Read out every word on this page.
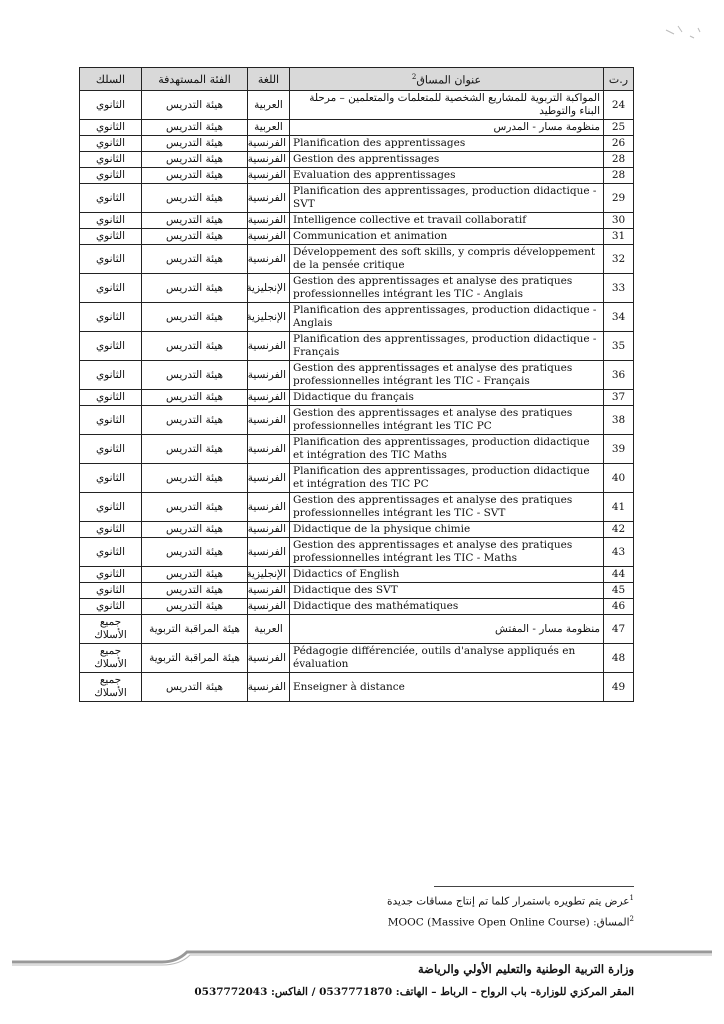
السلك	الفئة المستهدفة	اللغة	عنوان المساق$^2$	ر.ت
الثانوي	هيئة التدريس	العربية	المواكبة التربوية للمشاريع الشخصية للمتعلمات والمتعلمين – مرحلة البناء والتوطيد	24
الثانوي	هيئة التدريس	العربية	منظومة مسار - المدرس	25
الثانوي	هيئة التدريس	الفرنسية	Planification des apprentissages	26
الثانوي	هيئة التدريس	الفرنسية	Gestion des apprentissages	28
الثانوي	هيئة التدريس	الفرنسية	Evaluation des apprentissages	28
الثانوي	هيئة التدريس	الفرنسية	Planification des apprentissages, production didactique - SVT	29
الثانوي	هيئة التدريس	الفرنسية	Intelligence collective et travail collaboratif	30
الثانوي	هيئة التدريس	الفرنسية	Communication et animation	31
الثانوي	هيئة التدريس	الفرنسية	Développement des soft skills, y compris développement de la pensée critique	32
الثانوي	هيئة التدريس	الإنجليزية	Gestion des apprentissages et analyse des pratiques professionnelles intégrant les TIC - Anglais	33
الثانوي	هيئة التدريس	الإنجليزية	Planification des apprentissages, production didactique - Anglais	34
الثانوي	هيئة التدريس	الفرنسية	Planification des apprentissages, production didactique - Français	35
الثانوي	هيئة التدريس	الفرنسية	Gestion des apprentissages et analyse des pratiques professionnelles intégrant les TIC - Français	36
الثانوي	هيئة التدريس	الفرنسية	Didactique du français	37
الثانوي	هيئة التدريس	الفرنسية	Gestion des apprentissages et analyse des pratiques professionnelles intégrant les TIC PC	38
الثانوي	هيئة التدريس	الفرنسية	Planification des apprentissages, production didactique et intégration des TIC Maths	39
الثانوي	هيئة التدريس	الفرنسية	Planification des apprentissages, production didactique et intégration des TIC PC	40
الثانوي	هيئة التدريس	الفرنسية	Gestion des apprentissages et analyse des pratiques professionnelles intégrant les TIC - SVT	41
الثانوي	هيئة التدريس	الفرنسية	Didactique de la physique chimie	42
الثانوي	هيئة التدريس	الفرنسية	Gestion des apprentissages et analyse des pratiques professionnelles intégrant les TIC - Maths	43
الثانوي	هيئة التدريس	الإنجليزية	Didactics of English	44
الثانوي	هيئة التدريس	الفرنسية	Didactique des SVT	45
الثانوي	هيئة التدريس	الفرنسية	Didactique des mathématiques	46
جميع الأسلاك	هيئة المراقبة التربوية	العربية	منظومة مسار - المفتش	47
جميع الأسلاك	هيئة المراقبة التربوية	الفرنسية	Pédagogie différenciée, outils d'analyse appliqués en évaluation	48
جميع الأسلاك	هيئة التدريس	الفرنسية	Enseigner à distance	49
$^1$عرض يتم تطويره باستمرار كلما تم إنتاج مساقات جديدة
$^2$المساق: MOOC (Massive Open Online Course)
وزارة التربية الوطنية والتعليم الأولي والرياضة
المقر المركزي للوزارة– باب الرواح – الرباط – الهاتف: 0537771870 / الفاكس: 0537772043
